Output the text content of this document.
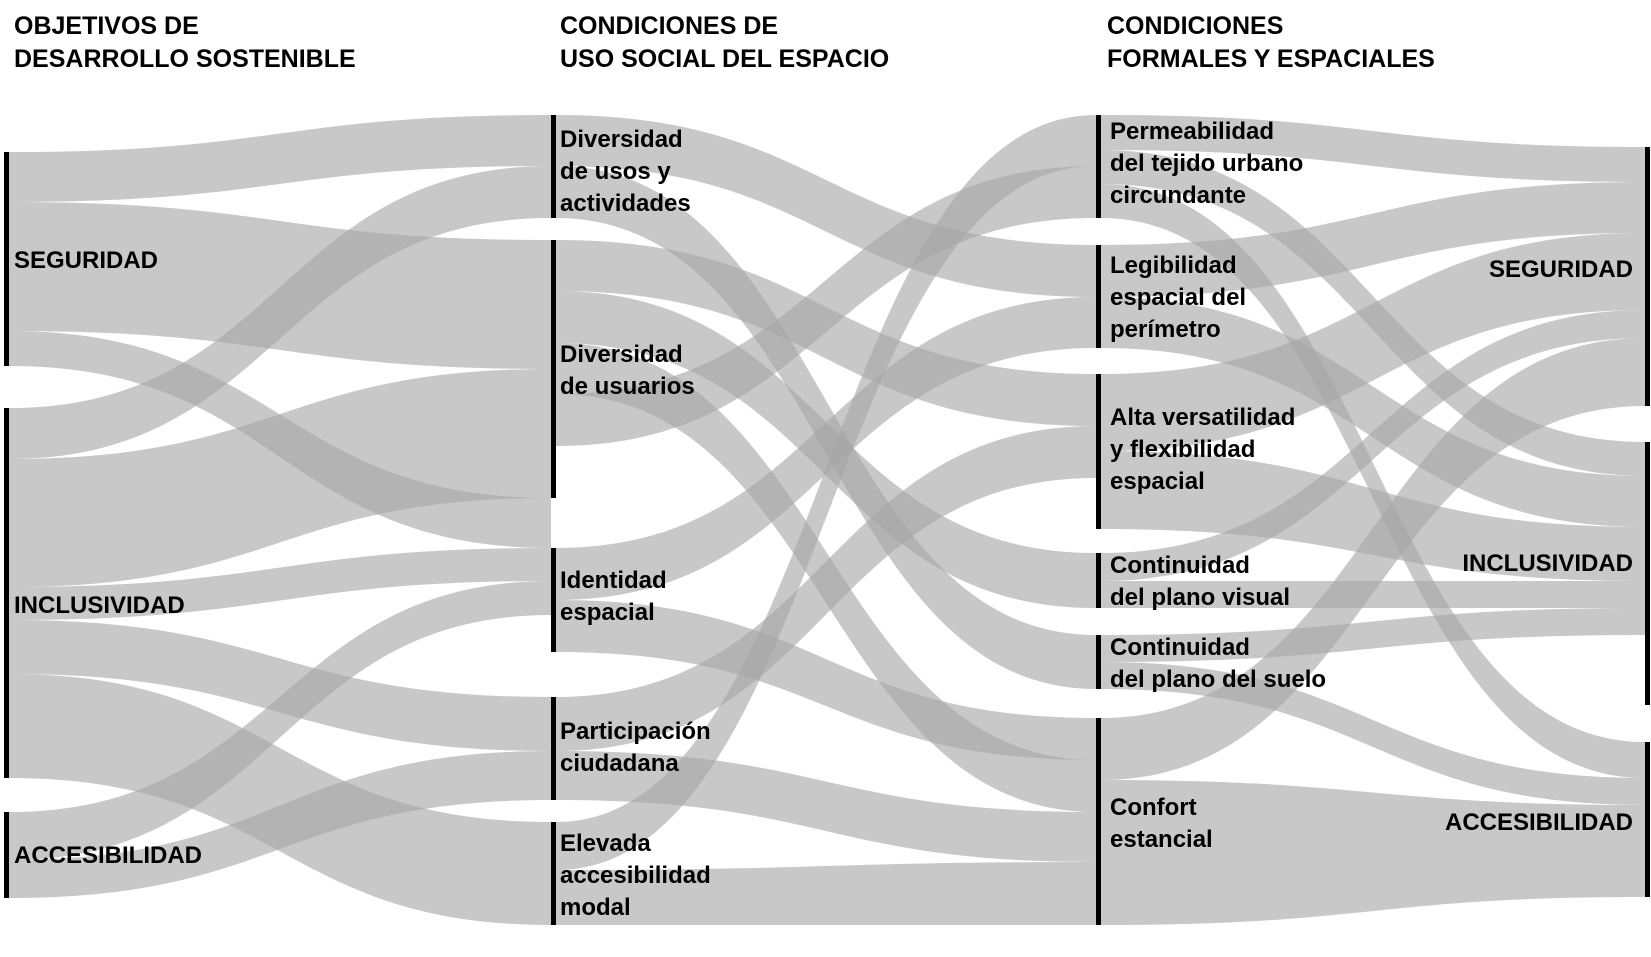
OBJETIVOS DE
DESARROLLO SOSTENIBLE
CONDICIONES DE
USO SOCIAL DEL ESPACIO
CONDICIONES
FORMALES Y ESPACIALES
SEGURIDAD
INCLUSIVIDAD
ACCESIBILIDAD
Diversidad
de usos y
actividades
Diversidad
de usuarios
Identidad
espacial
Participación
ciudadana
Elevada
accesibilidad
modal
Permeabilidad
del tejido urbano
circundante
Legibilidad
espacial del
perímetro
Alta versatilidad
y flexibilidad
espacial
Continuidad
del plano visual
Continuidad
del plano del suelo
Confort
estancial
SEGURIDAD
INCLUSIVIDAD
ACCESIBILIDAD
